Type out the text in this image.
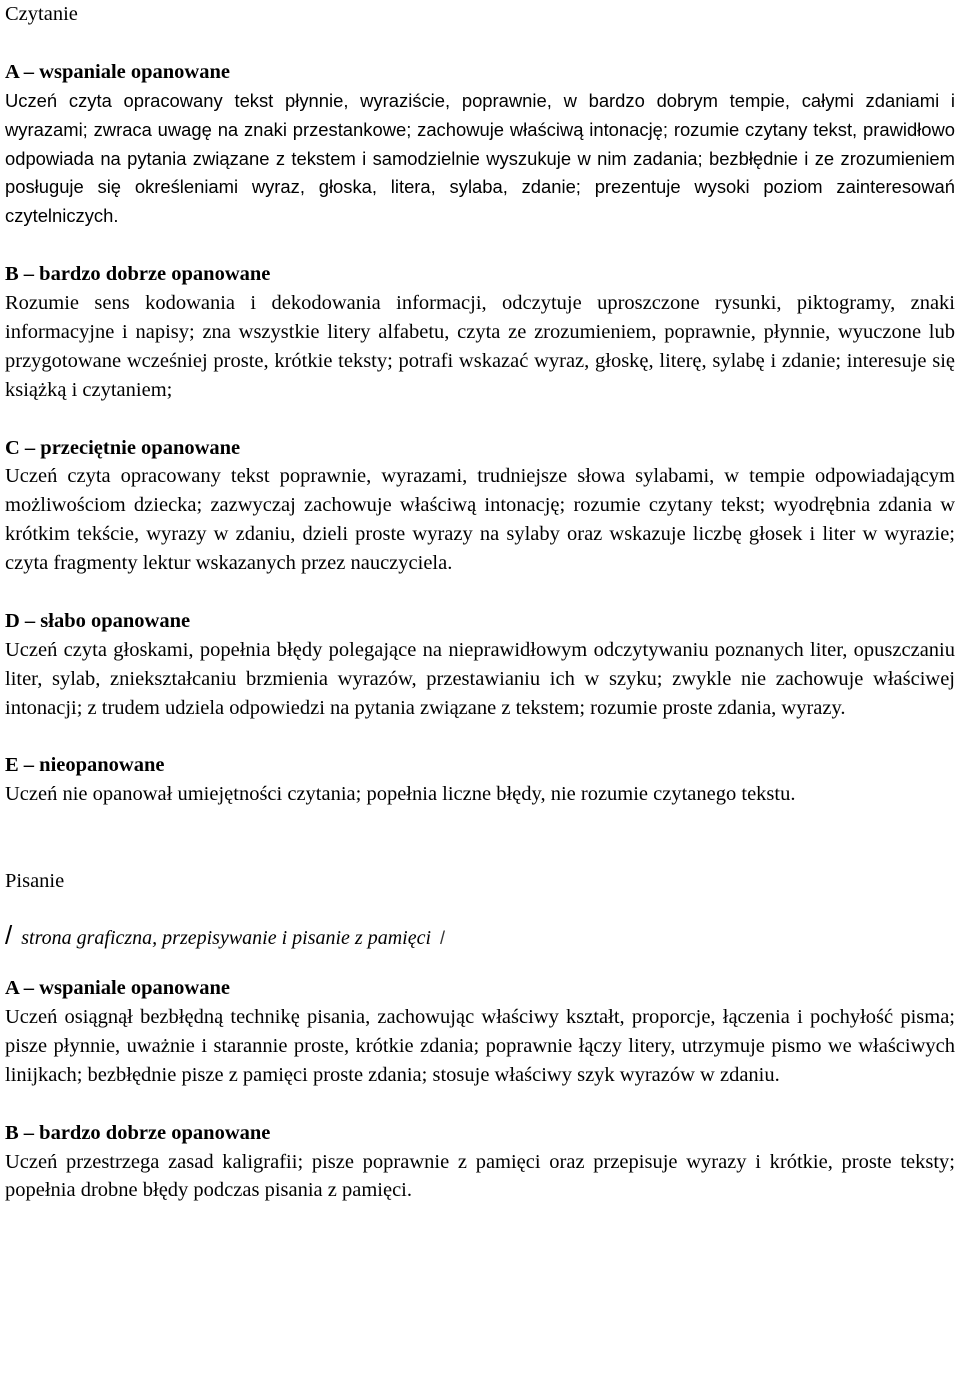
Czytanie

A – wspaniale opanowane

Uczeń czyta opracowany tekst płynnie, wyraziście, poprawnie, w bardzo dobrym tempie, całymi zdaniami i wyrazami; zwraca uwagę na znaki przestankowe; zachowuje właściwą intonację; rozumie czytany tekst, prawidłowo odpowiada na pytania związane z tekstem i samodzielnie wyszukuje w nim zadania; bezbłędnie i ze zrozumieniem posługuje się określeniami wyraz, głoska, litera, sylaba, zdanie; prezentuje wysoki poziom zainteresowań czytelniczych.

B – bardzo dobrze opanowane

Rozumie sens kodowania i dekodowania informacji, odczytuje uproszczone rysunki, piktogramy, znaki informacyjne i napisy; zna wszystkie litery alfabetu, czyta ze zrozumieniem, poprawnie, płynnie, wyuczone lub przygotowane wcześniej proste, krótkie teksty; potrafi wskazać wyraz, głoskę, literę, sylabę i zdanie; interesuje się książką i czytaniem;

C – przeciętnie opanowane

Uczeń czyta opracowany tekst poprawnie, wyrazami, trudniejsze słowa sylabami, w tempie odpowiadającym możliwościom dziecka; zazwyczaj zachowuje właściwą intonację; rozumie czytany tekst; wyodrębnia zdania w krótkim tekście, wyrazy w zdaniu, dzieli proste wyrazy na sylaby oraz wskazuje liczbę głosek i liter w wyrazie; czyta fragmenty lektur wskazanych przez nauczyciela.

D – słabo opanowane

Uczeń czyta głoskami, popełnia błędy polegające na nieprawidłowym odczytywaniu poznanych liter, opuszczaniu liter, sylab, zniekształcaniu brzmienia wyrazów, przestawianiu ich w szyku; zwykle nie zachowuje właściwej intonacji; z trudem udziela odpowiedzi na pytania związane z tekstem; rozumie proste zdania, wyrazy.

E – nieopanowane

Uczeń nie opanował umiejętności czytania; popełnia liczne błędy, nie rozumie czytanego tekstu.

Pisanie

/ strona graficzna, przepisywanie i pisanie z pamięci /

A – wspaniale opanowane

Uczeń osiągnął bezbłędną technikę pisania, zachowując właściwy kształt, proporcje, łączenia i pochyłość pisma; pisze płynnie, uważnie i starannie proste, krótkie zdania; poprawnie łączy litery, utrzymuje pismo we właściwych linijkach; bezbłędnie pisze z pamięci proste zdania; stosuje właściwy szyk wyrazów w zdaniu.

B – bardzo dobrze opanowane

Uczeń przestrzega zasad kaligrafii; pisze poprawnie z pamięci oraz przepisuje wyrazy i krótkie, proste teksty; popełnia drobne błędy podczas pisania z pamięci.
